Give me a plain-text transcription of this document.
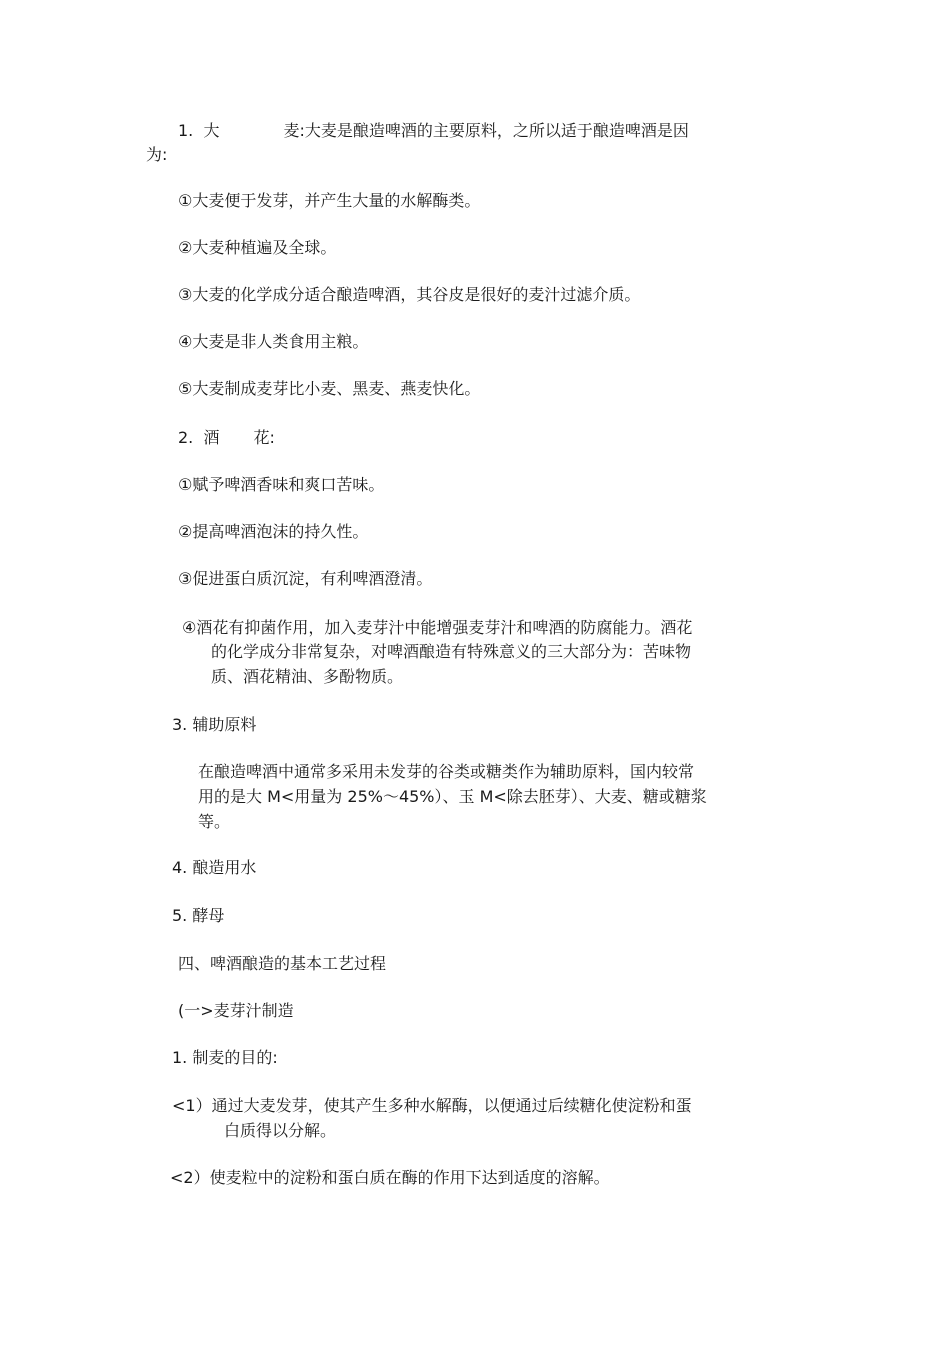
1. 大	麦:大麦是酿造啤酒的主要原料，之所以适于酿造啤酒是因

为:

①大麦便于发芽，并产生大量的水解酶类。

②大麦种植遍及全球。

③大麦的化学成分适合酿造啤酒，其谷皮是很好的麦汁过滤介质。

④大麦是非人类食用主粮。

⑤大麦制成麦芽比小麦、黑麦、燕麦快化。

2. 酒 花:

①赋予啤酒香味和爽口苦味。

②提高啤酒泡沫的持久性。

③促进蛋白质沉淀，有利啤酒澄清。

④酒花有抑菌作用，加入麦芽汁中能增强麦芽汁和啤酒的防腐能力。酒花

的化学成分非常复杂，对啤酒酿造有特殊意义的三大部分为：苦味物

质、酒花精油、多酚物质。

3. 辅助原料

在酿造啤酒中通常多采用未发芽的谷类或糖类作为辅助原料，国内较常

用的是大 M<用量为 25%～45%）、玉 M<除去胚芽）、大麦、糖或糖浆

等。

4. 酿造用水

5. 酵母

四、啤酒酿造的基本工艺过程

(一>麦芽汁制造

1. 制麦的目的:

<1）通过大麦发芽，使其产生多种水解酶，以便通过后续糖化使淀粉和蛋

白质得以分解。

<2）使麦粒中的淀粉和蛋白质在酶的作用下达到适度的溶解。
